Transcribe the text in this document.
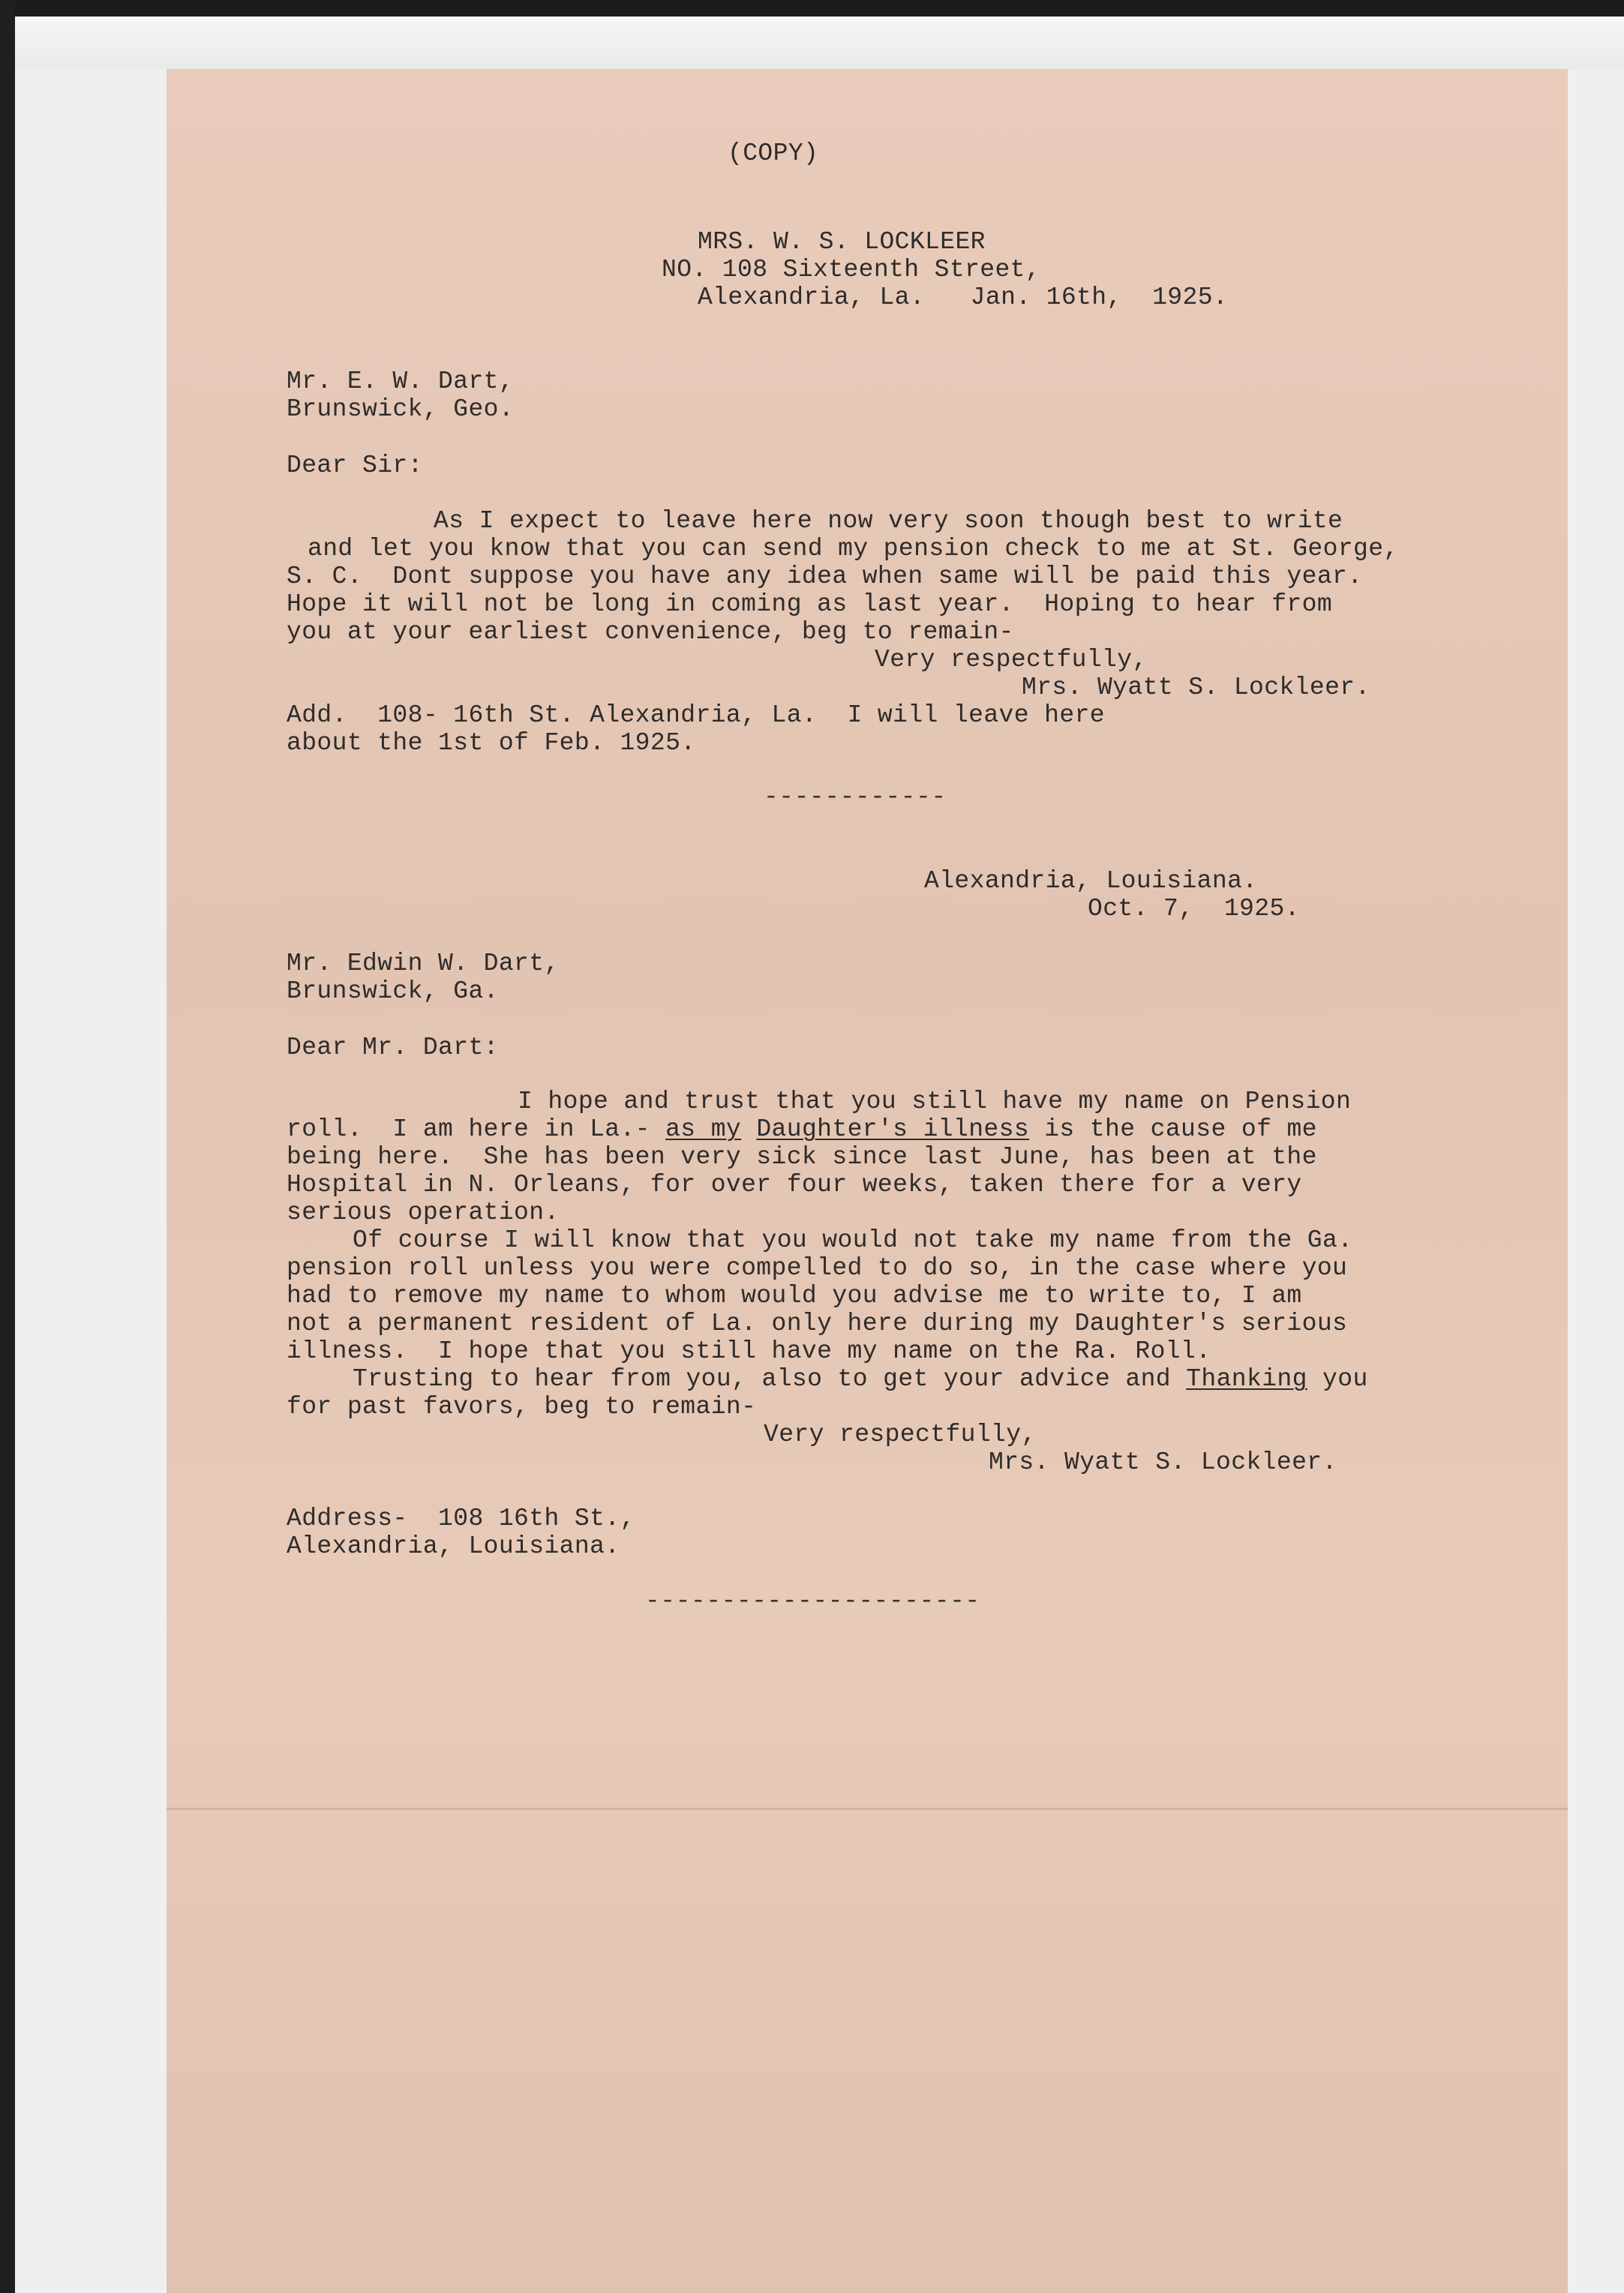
(COPY)

MRS. W. S. LOCKLEER

NO. 108 Sixteenth Street,

Alexandria, La.   Jan. 16th,  1925.

Mr. E. W. Dart,

Brunswick, Geo.

Dear Sir:

As I expect to leave here now very soon though best to write

and let you know that you can send my pension check to me at St. George,

S. C.  Dont suppose you have any idea when same will be paid this year.

Hope it will not be long in coming as last year.  Hoping to hear from

you at your earliest convenience, beg to remain-

Very respectfully,

Mrs. Wyatt S. Lockleer.

Add.  108- 16th St. Alexandria, La.  I will leave here

about the 1st of Feb. 1925.

------------

Alexandria, Louisiana.

Oct. 7,  1925.

Mr. Edwin W. Dart,

Brunswick, Ga.

Dear Mr. Dart:

I hope and trust that you still have my name on Pension

roll.  I am here in La.- as my Daughter's illness is the cause of me

being here.  She has been very sick since last June, has been at the

Hospital in N. Orleans, for over four weeks, taken there for a very

serious operation.

Of course I will know that you would not take my name from the Ga.

pension roll unless you were compelled to do so, in the case where you

had to remove my name to whom would you advise me to write to, I am

not a permanent resident of La. only here during my Daughter's serious

illness.  I hope that you still have my name on the Ra. Roll.

Trusting to hear from you, also to get your advice and Thanking you

for past favors, beg to remain-

Very respectfully,

Mrs. Wyatt S. Lockleer.

Address-  108 16th St.,

Alexandria, Louisiana.

----------------------
